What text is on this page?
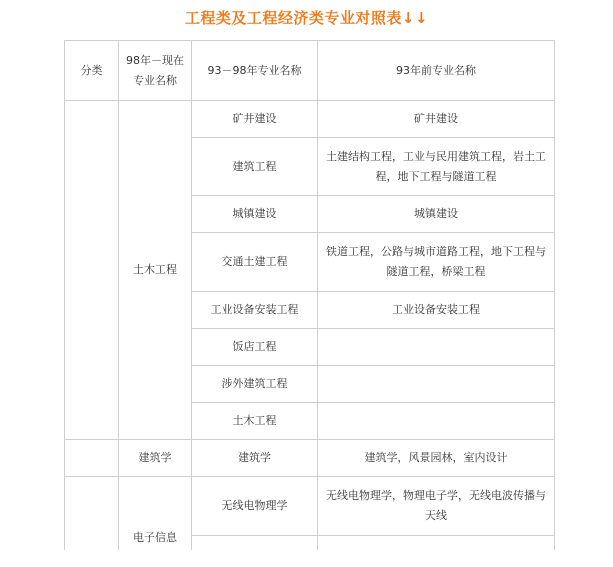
工程类及工程经济类专业对照表↓↓
分类	98年－现在专业名称	93－98年专业名称	93年前专业名称
	土木工程	矿井建设	矿井建设
		建筑工程	土建结构工程，工业与民用建筑工程，岩土工程，地下工程与隧道工程
		城镇建设	城镇建设
		交通土建工程	铁道工程，公路与城市道路工程，地下工程与隧道工程，桥梁工程
		工业设备安装工程	工业设备安装工程
		饭店工程	
		涉外建筑工程	
		土木工程	
	建筑学	建筑学	建筑学，风景园林，室内设计
	电子信息	无线电物理学	无线电物理学，物理电子学，无线电波传播与天线
